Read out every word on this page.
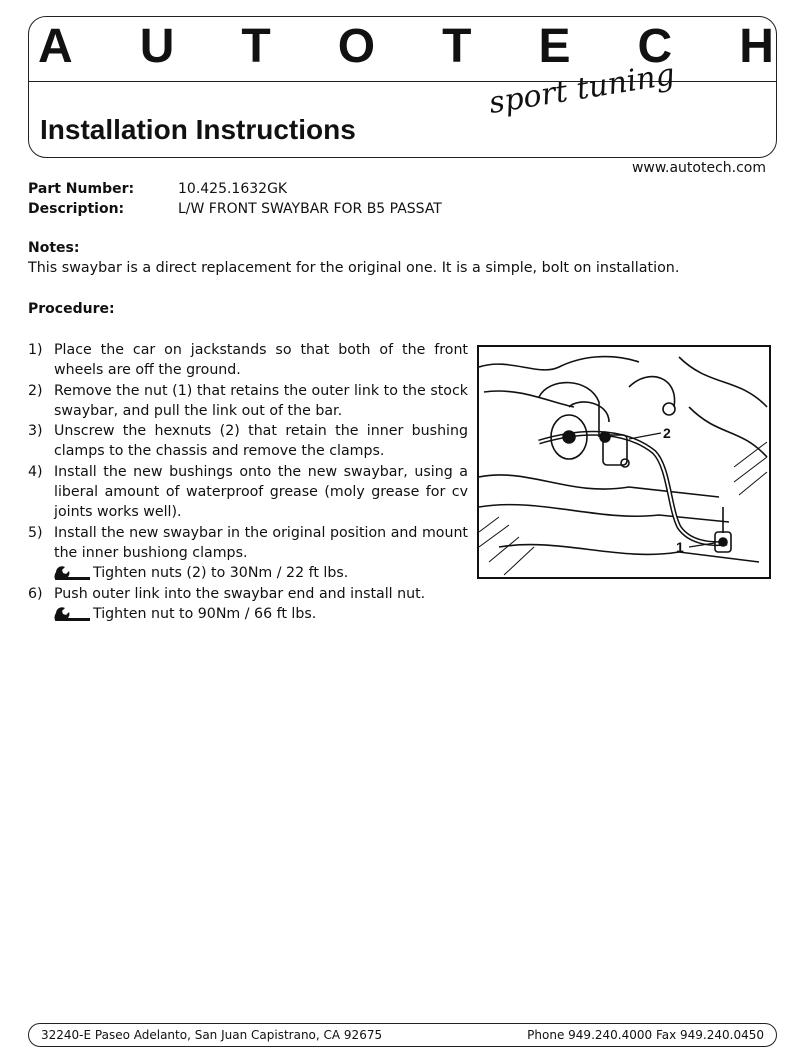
A U T O T E C H
Installation Instructions
sport tuning
www.autotech.com
Part Number:	10.425.1632GK
Description:	L/W FRONT SWAYBAR FOR B5 PASSAT
Notes:
This swaybar is a direct replacement for the original one. It is a simple, bolt on installation.
Procedure:
1) Place the car on jackstands so that both of the front wheels are off the ground.
2) Remove the nut (1) that retains the outer link to the stock swaybar, and pull the link out of the bar.
3) Unscrew the hexnuts (2) that retain the inner bushing clamps to the chassis and remove the clamps.
4) Install the new bushings onto the new swaybar, using a liberal amount of waterproof grease (moly grease for cv joints works well).
5) Install the new swaybar in the original position and mount the inner bushiong clamps.
Tighten nuts (2) to 30Nm / 22 ft lbs.
6) Push outer link into the swaybar end and install nut.
Tighten nut to 90Nm / 66 ft lbs.
2
1
32240-E Paseo Adelanto, San Juan Capistrano, CA 92675	Phone 949.240.4000 Fax 949.240.0450
